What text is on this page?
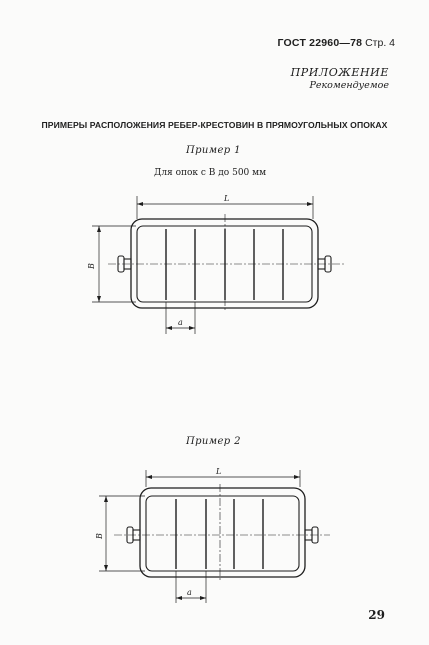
ГОСТ 22960—78 Стр. 4
ПРИЛОЖЕНИЕ
Рекомендуемое
ПРИМЕРЫ РАСПОЛОЖЕНИЯ РЕБЕР-КРЕСТОВИН В ПРЯМОУГОЛЬНЫХ ОПОКАХ
Пример 1
Для опок с B до 500 мм
Пример 2
29
L
B
a
L
B
a
